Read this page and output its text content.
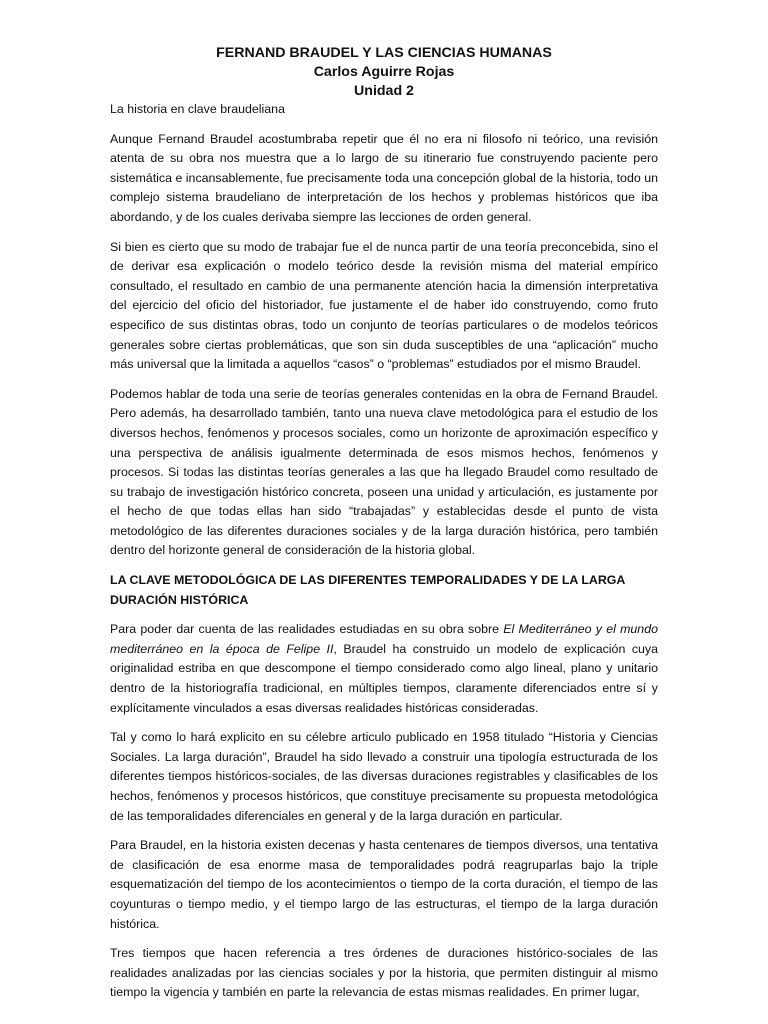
FERNAND BRAUDEL Y LAS CIENCIAS HUMANAS
Carlos Aguirre Rojas
Unidad 2
La historia en clave braudeliana

Aunque Fernand Braudel acostumbraba repetir que él no era ni filosofo ni teórico, una revisión atenta de su obra nos muestra que a lo largo de su itinerario fue construyendo paciente pero sistemática e incansablemente, fue precisamente toda una concepción global de la historia, todo un complejo sistema braudeliano de interpretación de los hechos y problemas históricos que iba abordando, y de los cuales derivaba siempre las lecciones de orden general.

Si bien es cierto que su modo de trabajar fue el de nunca partir de una teoría preconcebida, sino el de derivar esa explicación o modelo teórico desde la revisión misma del material empírico consultado, el resultado en cambio de una permanente atención hacia la dimensión interpretativa del ejercicio del oficio del historiador, fue justamente el de haber ido construyendo, como fruto especifico de sus distintas obras, todo un conjunto de teorías particulares o de modelos teóricos generales sobre ciertas problemáticas, que son sin duda susceptibles de una “aplicación” mucho más universal que la limitada a aquellos “casos” o “problemas” estudiados por el mismo Braudel.

Podemos hablar de toda una serie de teorías generales contenidas en la obra de Fernand Braudel. Pero además, ha desarrollado también, tanto una nueva clave metodológica para el estudio de los diversos hechos, fenómenos y procesos sociales, como un horizonte de aproximación específico y una perspectiva de análisis igualmente determinada de esos mismos hechos, fenómenos y procesos. Si todas las distintas teorías generales a las que ha llegado Braudel como resultado de su trabajo de investigación histórico concreta, poseen una unidad y articulación, es justamente por el hecho de que todas ellas han sido “trabajadas” y establecidas desde el punto de vista metodológico de las diferentes duraciones sociales y de la larga duración histórica, pero también dentro del horizonte general de consideración de la historia global.

LA CLAVE METODOLÓGICA DE LAS DIFERENTES TEMPORALIDADES Y DE LA LARGA DURACIÓN HISTÓRICA

Para poder dar cuenta de las realidades estudiadas en su obra sobre El Mediterráneo y el mundo mediterráneo en la época de Felipe II, Braudel ha construido un modelo de explicación cuya originalidad estriba en que descompone el tiempo considerado como algo lineal, plano y unitario dentro de la historiografía tradicional, en múltiples tiempos, claramente diferenciados entre sí y explícitamente vinculados a esas diversas realidades históricas consideradas.

Tal y como lo hará explicito en su célebre articulo publicado en 1958 titulado “Historia y Ciencias Sociales. La larga duración”, Braudel ha sido llevado a construir una tipología estructurada de los diferentes tiempos históricos-sociales, de las diversas duraciones registrables y clasificables de los hechos, fenómenos y procesos históricos, que constituye precisamente su propuesta metodológica de las temporalidades diferenciales en general y de la larga duración en particular.

Para Braudel, en la historia existen decenas y hasta centenares de tiempos diversos, una tentativa de clasificación de esa enorme masa de temporalidades podrá reagruparlas bajo la triple esquematización del tiempo de los acontecimientos o tiempo de la corta duración, el tiempo de las coyunturas o tiempo medio, y el tiempo largo de las estructuras, el tiempo de la larga duración histórica.

Tres tiempos que hacen referencia a tres órdenes de duraciones histórico-sociales de las realidades analizadas por las ciencias sociales y por la historia, que permiten distinguir al mismo tiempo la vigencia y también en parte la relevancia de estas mismas realidades. En primer lugar,
